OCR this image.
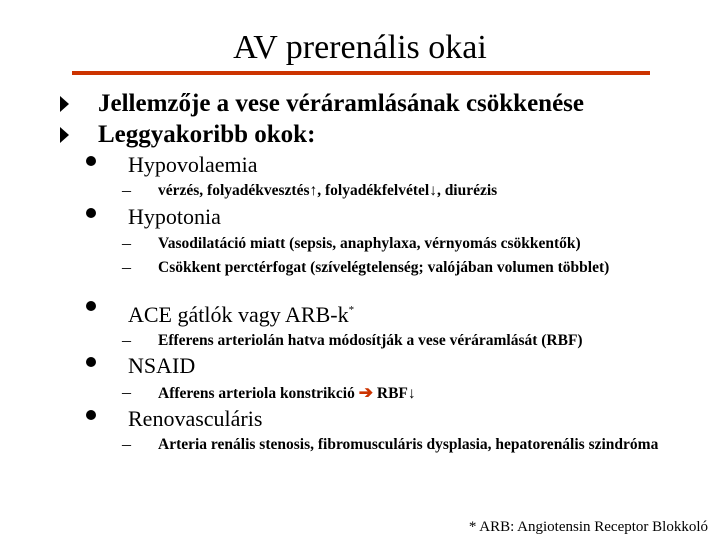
AV prerenális okai
Jellemzője a vese véráramlásának csökkenése
Leggyakoribb okok:
Hypovolaemia
– vérzés, folyadékvesztés↑, folyadékfelvétel↓, diurézis
Hypotonia
– Vasodilatáció miatt (sepsis, anaphylaxa, vérnyomás csökkentők)
– Csökkent perctérfogat (szívelégtelenség; valójában volumen többlet)
ACE gátlók vagy ARB-k*
– Efferens arteriolán hatva módosítják a vese véráramlását (RBF)
NSAID
– Afferens arteriola konstrikció ➔ RBF↓
Renovasculáris
– Arteria renális stenosis, fibromusculáris dysplasia, hepatorenális szindróma
* ARB: Angiotensin Receptor Blokkoló
